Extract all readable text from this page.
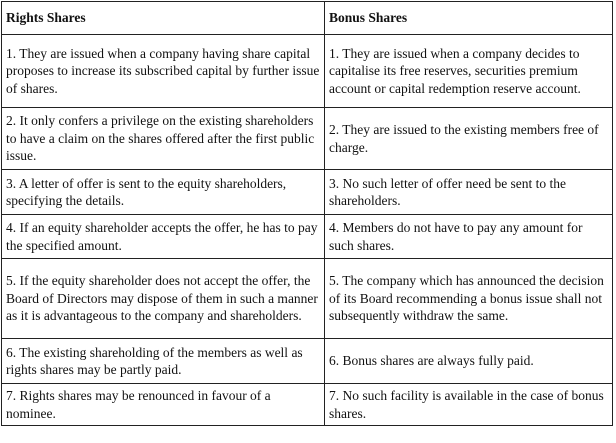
Rights Shares	Bonus Shares
1. They are issued when a company having share capital proposes to increase its subscribed capital by further issue of shares.	1. They are issued when a company decides to capitalise its free reserves, securities premium account or capital redemption reserve account.
2. It only confers a privilege on the existing shareholders to have a claim on the shares offered after the first public issue.	2. They are issued to the existing members free of charge.
3. A letter of offer is sent to the equity shareholders, specifying the details.	3. No such letter of offer need be sent to the shareholders.
4. If an equity shareholder accepts the offer, he has to pay the specified amount.	4. Members do not have to pay any amount for such shares.
5. If the equity shareholder does not accept the offer, the Board of Directors may dispose of them in such a manner as it is advantageous to the company and shareholders.	5. The company which has announced the decision of its Board recommending a bonus issue shall not subsequently withdraw the same.
6. The existing shareholding of the members as well as rights shares may be partly paid.	6. Bonus shares are always fully paid.
7. Rights shares may be renounced in favour of a nominee.	7. No such facility is available in the case of bonus shares.
